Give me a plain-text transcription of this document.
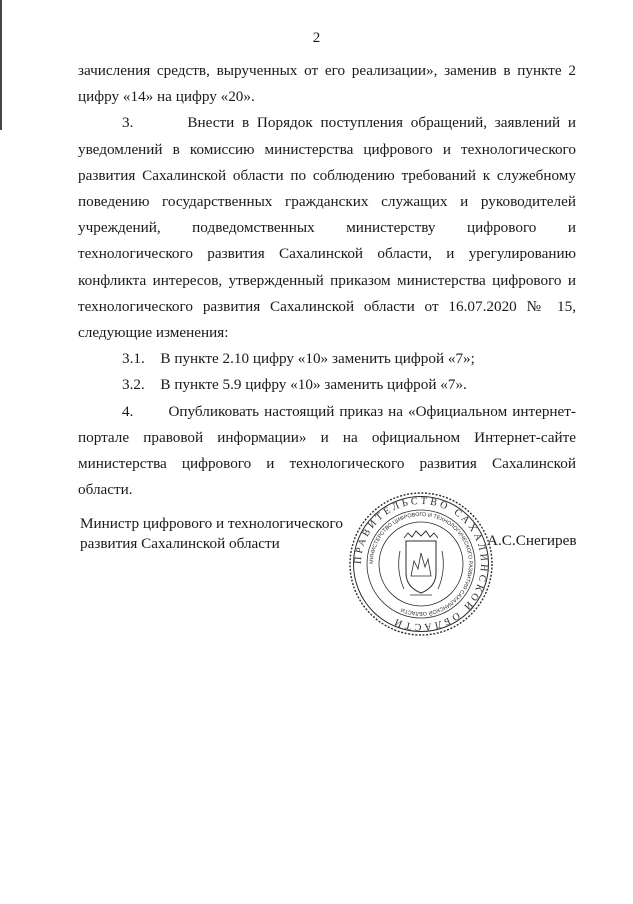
2

зачисления средств, вырученных от его реализации», заменив в пункте 2 цифру «14» на цифру «20».

3.	Внести в Порядок поступления обращений, заявлений и уведомлений в комиссию министерства цифрового и технологического развития Сахалинской области по соблюдению требований к служебному поведению государственных гражданских служащих и руководителей учреждений, подведомственных министерству цифрового и технологического развития Сахалинской области, и урегулированию конфликта интересов, утвержденный приказом министерства цифрового и технологического развития Сахалинской области от 16.07.2020 № 15, следующие изменения:

3.1. В пункте 2.10 цифру «10» заменить цифрой «7»;

3.2. В пункте 5.9 цифру «10» заменить цифрой «7».

4. Опубликовать настоящий приказ на «Официальном интернет-портале правовой информации» и на официальном Интернет-сайте министерства цифрового и технологического развития Сахалинской области.

Министр цифрового и технологического
развития Сахалинской области
ПРАВИТЕЛЬСТВО САХАЛИНСКОЙ ОБЛАСТИ
МИНИСТЕРСТВО ЦИФРОВОГО И ТЕХНОЛОГИЧЕСКОГО РАЗВИТИЯ САХАЛИНСКОЙ ОБЛАСТИ
А.С.Снегирев
